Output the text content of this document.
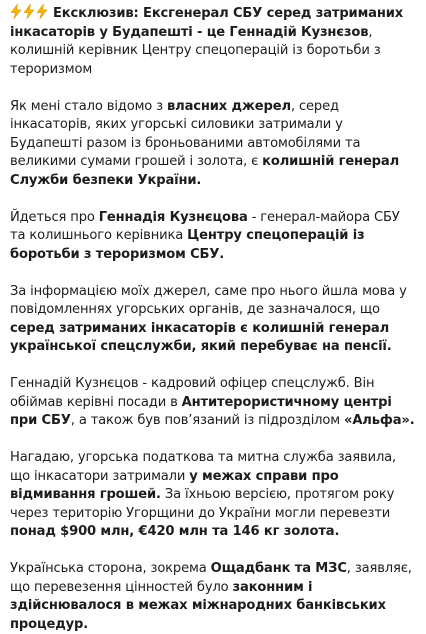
Ексклюзив: Ексгенерал СБУ серед затриманих інкасаторів у Будапешті - це Геннадій Кузнєзов, колишній керівник Центру спецоперацій із боротьби з тероризмом

Як мені стало відомо з власних джерел, серед інкасаторів, яких угорські силовики затримали у Будапешті разом із броньованими автомобілями та великими сумами грошей і золота, є колишній генерал Служби безпеки України.

Йдеться про Геннадія Кузнєцова - генерал-майора СБУ та колишнього керівника Центру спецоперацій із боротьби з тероризмом СБУ.

За інформацією моїх джерел, саме про нього йшла мова у повідомленнях угорських органів, де зазначалося, що серед затриманих інкасаторів є колишній генерал української спецслужби, який перебуває на пенсії.

Геннадій Кузнєцов - кадровий офіцер спецслужб. Він обіймав керівні посади в Антитерористичному центрі при СБУ, а також був пов’язаний із підрозділом «Альфа».

Нагадаю, угорська податкова та митна служба заявила, що інкасатори затримали у межах справи про відмивання грошей. За їхньою версією, протягом року через територію Угорщини до України могли перевезти понад $900 млн, €420 млн та 146 кг золота.

Українська сторона, зокрема Ощадбанк та МЗС, заявляє, що перевезення цінностей було законним і здійснювалося в межах міжнародних банківських процедур.
